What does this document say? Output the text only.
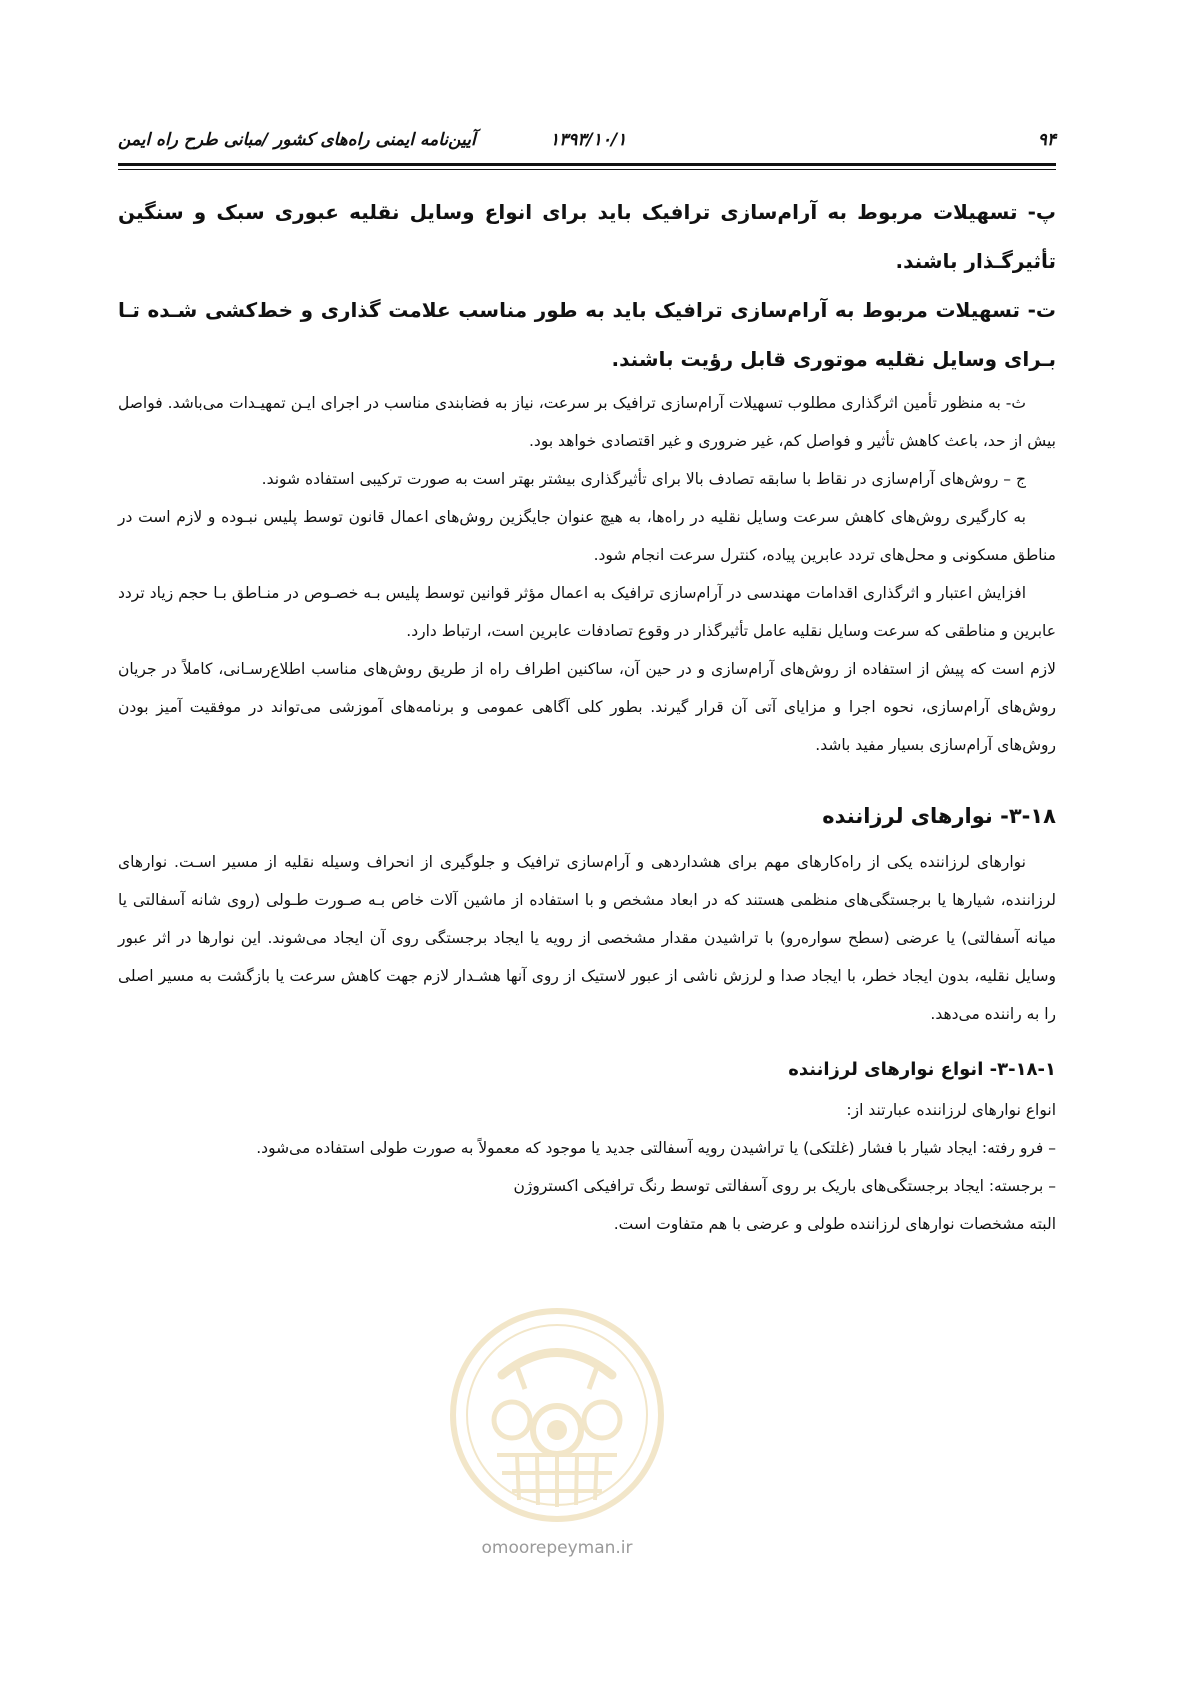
۹۴
۱۳۹۳/۱۰/۱
آیین‌نامه ایمنی راه‌های کشور /مبانی طرح راه ایمن

پ- تسهیلات مربوط به آرام‌سازی ترافیک باید برای انواع وسایل نقلیه عبوری سبک و سنگین تأثیرگـذار باشند.

ت- تسهیلات مربوط به آرام‌سازی ترافیک باید به طور مناسب علامت گذاری و خط‌کشی شـده تـا بـرای وسایل نقلیه موتوری قابل رؤیت باشند.

ث- به منظور تأمین اثرگذاری مطلوب تسهیلات آرام‌سازی ترافیک بر سرعت، نیاز به فضابندی مناسب در اجرای ایـن تمهیـدات می‌باشد. فواصل بیش از حد، باعث کاهش تأثیر و فواصل کم، غیر ضروری و غیر اقتصادی خواهد بود.

ج – روش‌های آرام‌سازی در نقاط با سابقه تصادف بالا برای تأثیرگذاری بیشتر بهتر است به صورت ترکیبی استفاده شوند.

به کارگیری روش‌های کاهش سرعت وسایل نقلیه در راه‌ها، به هیچ عنوان جایگزین روش‌های اعمال قانون توسط پلیس نبـوده و لازم است در مناطق مسکونی و محل‌های تردد عابرین پیاده، کنترل سرعت انجام شود.

افزایش اعتبار و اثرگذاری اقدامات مهندسی در آرام‌سازی ترافیک به اعمال مؤثر قوانین توسط پلیس بـه خصـوص در منـاطق بـا حجم زیاد تردد عابرین و مناطقی که سرعت وسایل نقلیه عامل تأثیرگذار در وقوع تصادفات عابرین است، ارتباط دارد.

لازم است که پیش از استفاده از روش‌های آرام‌سازی و در حین آن، ساکنین اطراف راه از طریق روش‌های مناسب اطلاع‌رسـانی، کاملاً در جریان روش‌های آرام‌سازی، نحوه اجرا و مزایای آتی آن قرار گیرند. بطور کلی آگاهی عمومی و برنامه‌های آموزشی می‌تواند در موفقیت آمیز بودن روش‌های آرام‌سازی بسیار مفید باشد.

۳-۱۸- نوارهای لرزاننده

نوارهای لرزاننده یکی از راه‌کارهای مهم برای هشداردهی و آرام‌سازی ترافیک و جلوگیری از انحراف وسیله نقلیه از مسیر اسـت. نوارهای لرزاننده، شیارها یا برجستگی‌های منظمی هستند که در ابعاد مشخص و با استفاده از ماشین آلات خاص بـه صـورت طـولی (روی شانه آسفالتی یا میانه آسفالتی) یا عرضی (سطح سواره‌رو) با تراشیدن مقدار مشخصی از رویه یا ایجاد برجستگی روی آن ایجاد می‌شوند. این نوارها در اثر عبور وسایل نقلیه، بدون ایجاد خطر، با ایجاد صدا و لرزش ناشی از عبور لاستیک از روی آنها هشـدار لازم جهت کاهش سرعت یا بازگشت به مسیر اصلی را به راننده می‌دهد.

۳-۱۸-۱- انواع نوارهای لرزاننده

انواع نوارهای لرزاننده عبارتند از:

– فرو رفته: ایجاد شیار با فشار (غلتکی) یا تراشیدن رویه آسفالتی جدید یا موجود که معمولاً به صورت طولی استفاده می‌شود.

– برجسته: ایجاد برجستگی‌های باریک بر روی آسفالتی توسط رنگ ترافیکی اکستروژن

البته مشخصات نوارهای لرزاننده طولی و عرضی با هم متفاوت است.

omoorepeyman.ir
